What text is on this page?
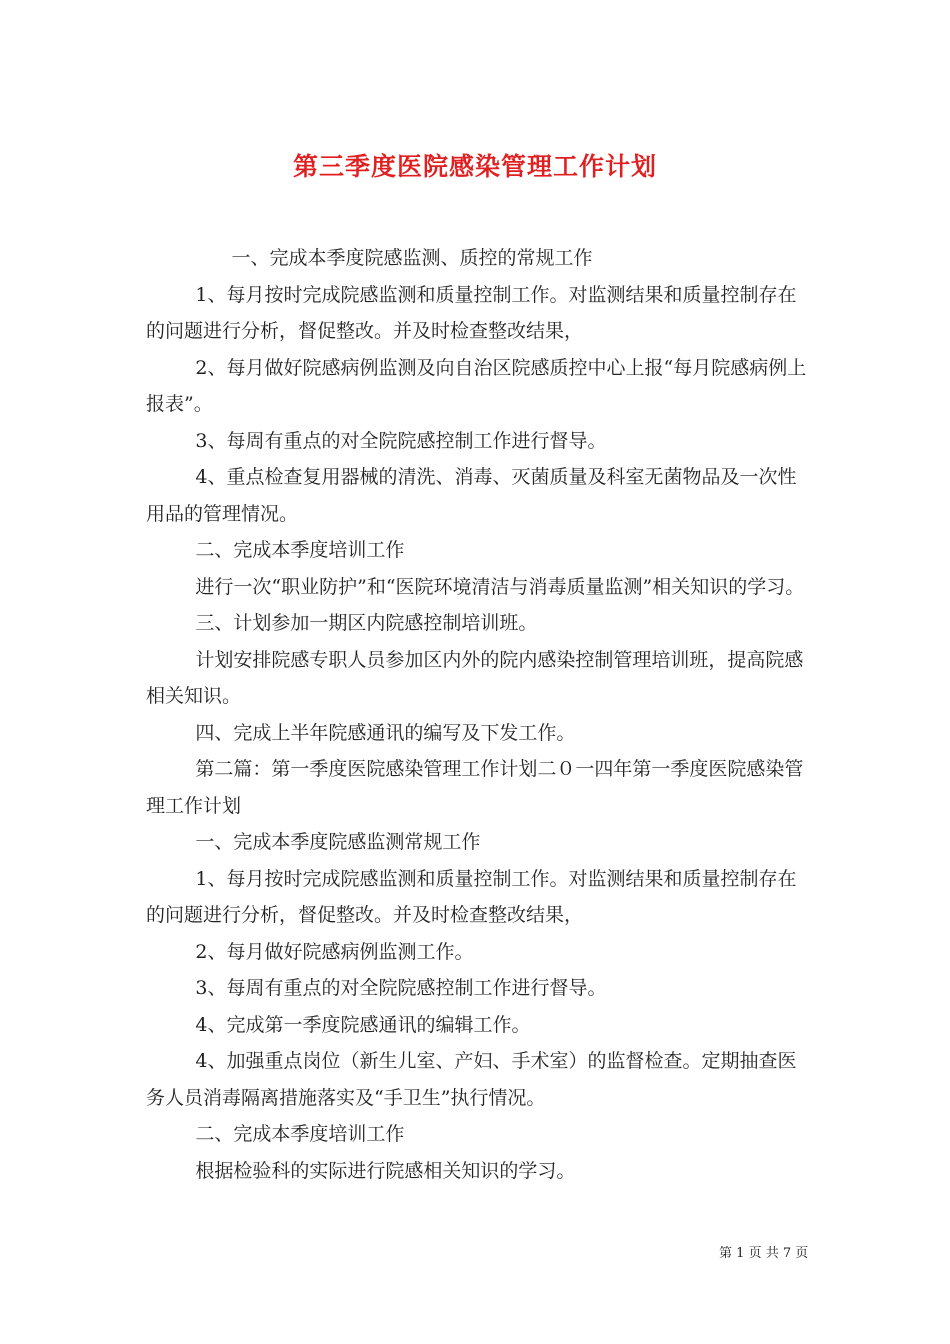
第三季度医院感染管理工作计划

一、完成本季度院感监测、质控的常规工作

1、每月按时完成院感监测和质量控制工作。对监测结果和质量控制存在的问题进行分析，督促整改。并及时检查整改结果，

2、每月做好院感病例监测及向自治区院感质控中心上报“每月院感病例上报表”。

3、每周有重点的对全院院感控制工作进行督导。

4、重点检查复用器械的清洗、消毒、灭菌质量及科室无菌物品及一次性用品的管理情况。

二、完成本季度培训工作

进行一次“职业防护”和“医院环境清洁与消毒质量监测”相关知识的学习。

三、计划参加一期区内院感控制培训班。

计划安排院感专职人员参加区内外的院内感染控制管理培训班，提高院感相关知识。

四、完成上半年院感通讯的编写及下发工作。

第二篇：第一季度医院感染管理工作计划二０一四年第一季度医院感染管理工作计划

一、完成本季度院感监测常规工作

1、每月按时完成院感监测和质量控制工作。对监测结果和质量控制存在的问题进行分析，督促整改。并及时检查整改结果，

2、每月做好院感病例监测工作。

3、每周有重点的对全院院感控制工作进行督导。

4、完成第一季度院感通讯的编辑工作。

4、加强重点岗位（新生儿室、产妇、手术室）的监督检查。定期抽查医务人员消毒隔离措施落实及“手卫生”执行情况。

二、完成本季度培训工作

根据检验科的实际进行院感相关知识的学习。

第 1 页 共 7 页
